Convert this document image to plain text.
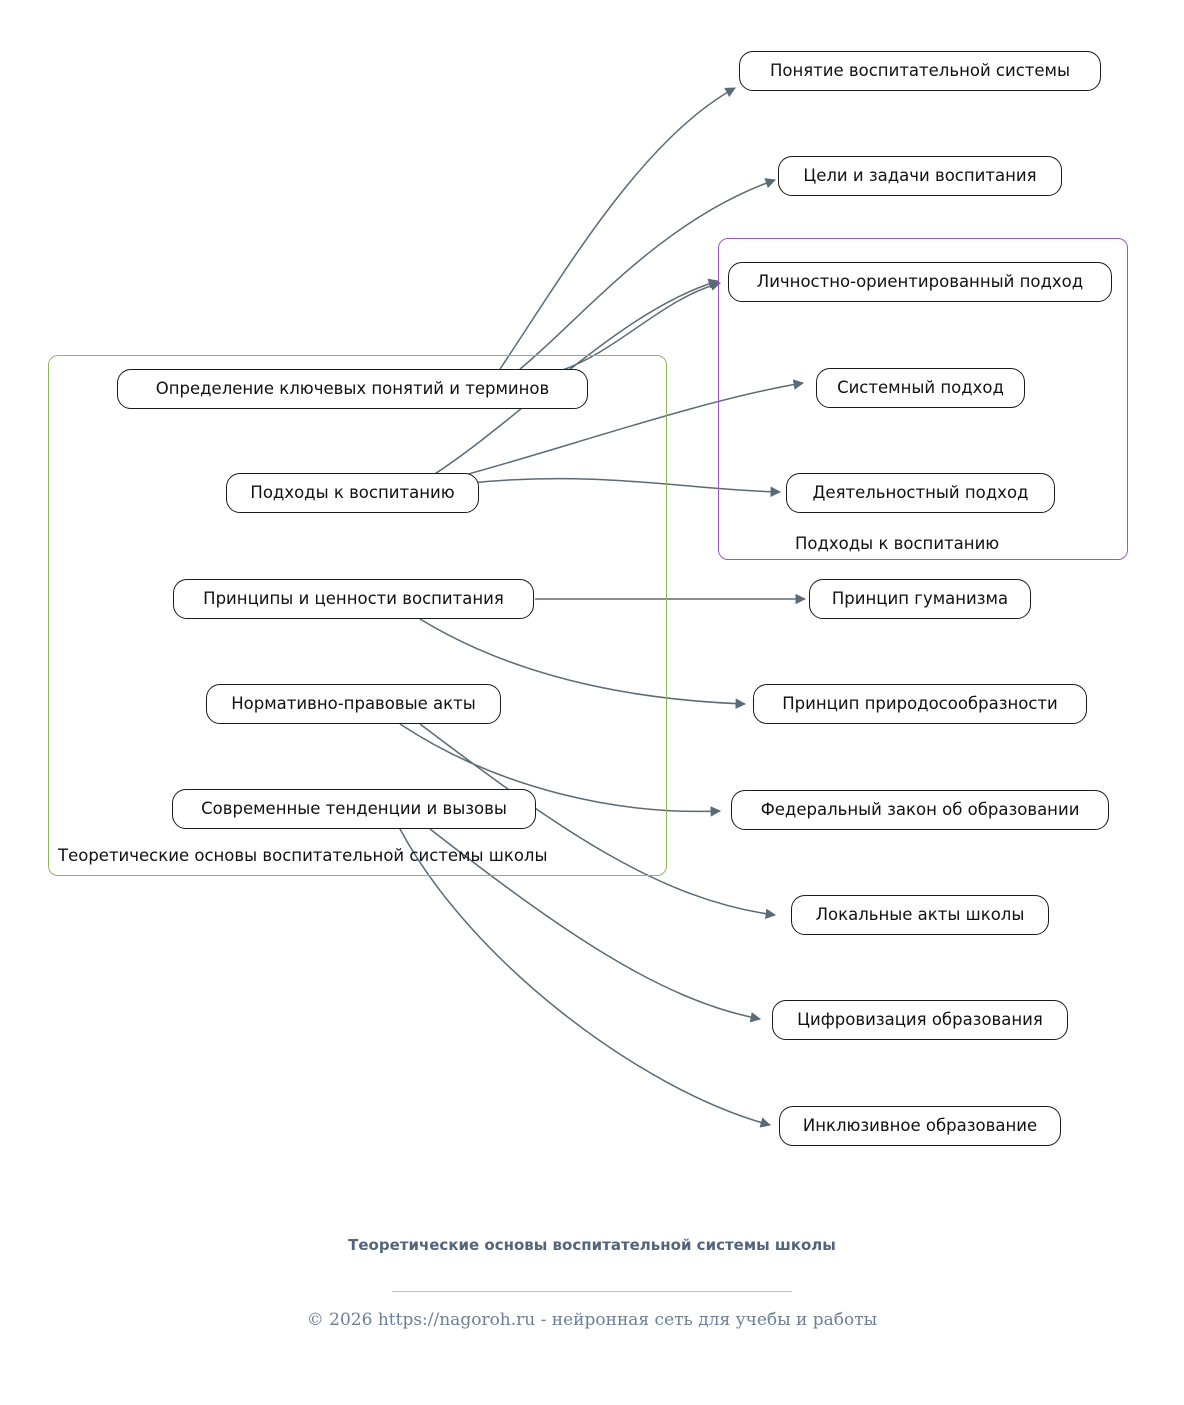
Теоретические основы воспитательной системы школы
Подходы к воспитанию
Определение ключевых понятий и терминов
Подходы к воспитанию
Принципы и ценности воспитания
Нормативно-правовые акты
Современные тенденции и вызовы
Понятие воспитательной системы
Цели и задачи воспитания
Личностно-ориентированный подход
Системный подход
Деятельностный подход
Принцип гуманизма
Принцип природосообразности
Федеральный закон об образовании
Локальные акты школы
Цифровизация образования
Инклюзивное образование
Теоретические основы воспитательной системы школы
© 2026 https://nagoroh.ru - нейронная сеть для учебы и работы
